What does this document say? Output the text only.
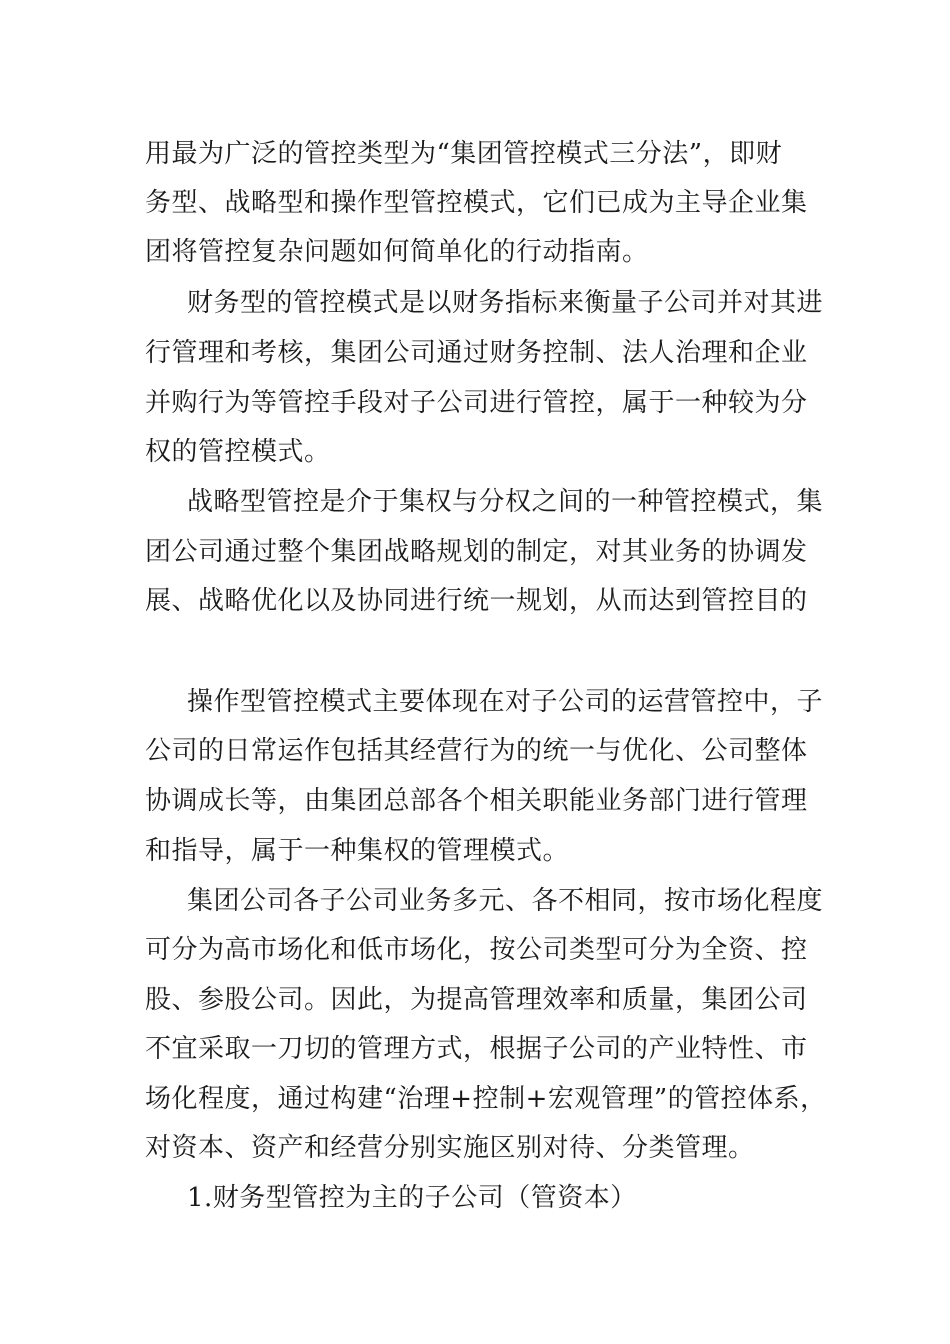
用最为广泛的管控类型为“集团管控模式三分法”，即财
务型、战略型和操作型管控模式，它们已成为主导企业集
团将管控复杂问题如何简单化的行动指南。
财务型的管控模式是以财务指标来衡量子公司并对其进
行管理和考核，集团公司通过财务控制、法人治理和企业
并购行为等管控手段对子公司进行管控，属于一种较为分
权的管控模式。
战略型管控是介于集权与分权之间的一种管控模式，集
团公司通过整个集团战略规划的制定，对其业务的协调发
展、战略优化以及协同进行统一规划，从而达到管控目的
操作型管控模式主要体现在对子公司的运营管控中，子
公司的日常运作包括其经营行为的统一与优化、公司整体
协调成长等，由集团总部各个相关职能业务部门进行管理
和指导，属于一种集权的管理模式。
集团公司各子公司业务多元、各不相同，按市场化程度
可分为高市场化和低市场化，按公司类型可分为全资、控
股、参股公司。因此，为提高管理效率和质量，集团公司
不宜采取一刀切的管理方式，根据子公司的产业特性、市
场化程度，通过构建“治理+控制+宏观管理”的管控体系，
对资本、资产和经营分别实施区别对待、分类管理。
1.财务型管控为主的子公司（管资本）
